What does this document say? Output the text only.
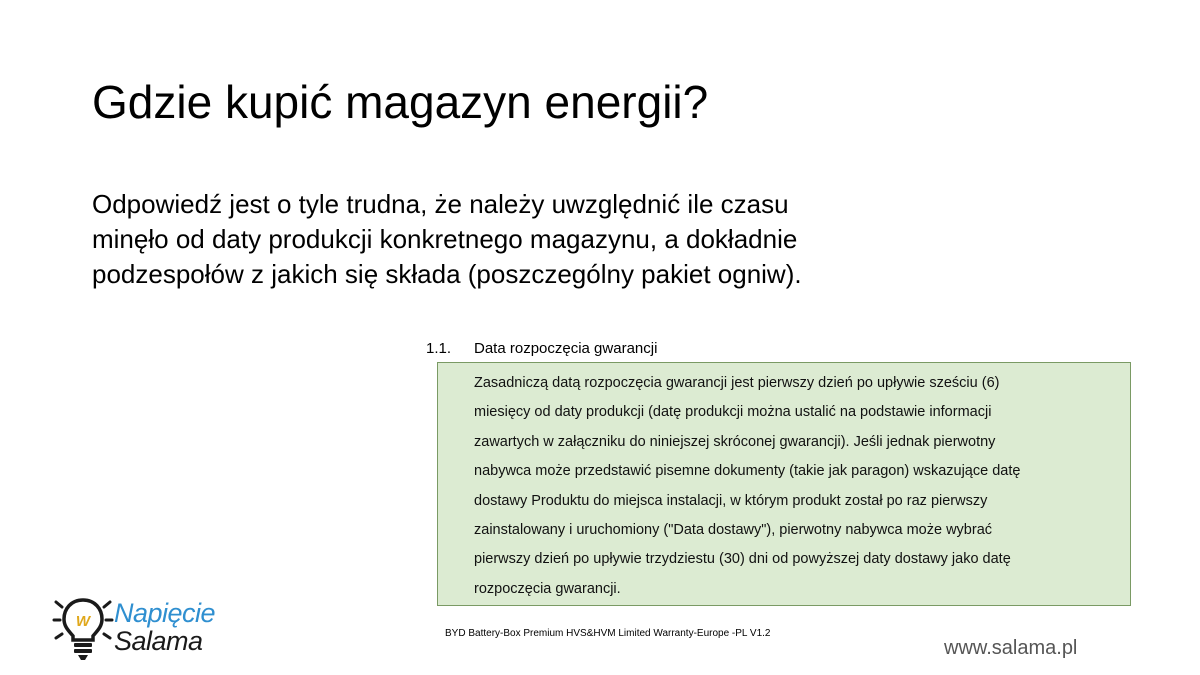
Gdzie kupić magazyn energii?
Odpowiedź jest o tyle trudna, że należy uwzględnić ile czasu
minęło od daty produkcji konkretnego magazynu, a dokładnie
podzespołów z jakich się składa (poszczególny pakiet ogniw).
1.1. Data rozpoczęcia gwarancji
Zasadniczą datą rozpoczęcia gwarancji jest pierwszy dzień po upływie sześciu (6)
miesięcy od daty produkcji (datę produkcji można ustalić na podstawie informacji
zawartych w załączniku do niniejszej skróconej gwarancji). Jeśli jednak pierwotny
nabywca może przedstawić pisemne dokumenty (takie jak paragon) wskazujące datę
dostawy Produktu do miejsca instalacji, w którym produkt został po raz pierwszy
zainstalowany i uruchomiony ("Data dostawy"), pierwotny nabywca może wybrać
pierwszy dzień po upływie trzydziestu (30) dni od powyższej daty dostawy jako datę
rozpoczęcia gwarancji.
BYD Battery-Box Premium HVS&HVM Limited Warranty-Europe -PL V1.2
W Napięcie
Salama	www.salama.pl
